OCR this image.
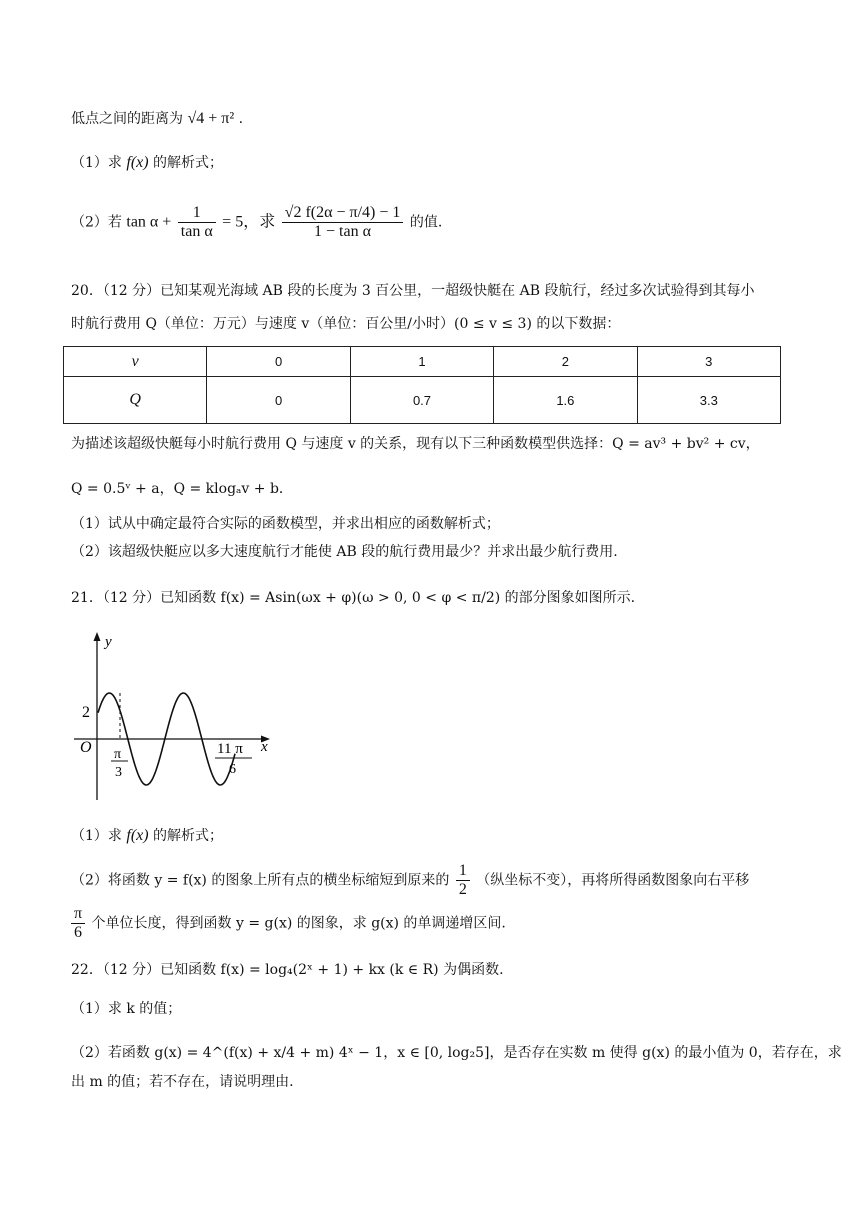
低点之间的距离为 √4 + π² .
（1）求 f(x) 的解析式；
（2）若 $\tan \alpha + \frac{1}{\text{tan α}} = 5$，求 $\frac{√2 f(2\alpha - \pi/4) - 1}{\text{1 − tan α}}$ 的值.
20．（12 分）已知某观光海域 AB 段的长度为 3 百公里，一超级快艇在 AB 段航行，经过多次试验得到其每小
时航行费用 Q（单位：万元）与速度 v（单位：百公里/小时）(0 ≤ v ≤ 3) 的以下数据：
v	0	1	2	3
Q	0	0.7	1.6	3.3
为描述该超级快艇每小时航行费用 Q 与速度 v 的关系，现有以下三种函数模型供选择：Q = av³ + bv² + cv，
Q = 0.5ᵛ + a，Q = klogₐv + b．
（1）试从中确定最符合实际的函数模型，并求出相应的函数解析式；
（2）该超级快艇应以多大速度航行才能使 AB 段的航行费用最少？并求出最少航行费用.
21．（12 分）已知函数 f(x) = Asin(ωx + φ)(ω > 0, 0 < φ < π/2) 的部分图象如图所示.
y
x
O
2
π
3
11 π
6
（1）求 f(x) 的解析式；
（2）将函数 y = f(x) 的图象上所有点的横坐标缩短到原来的 $\frac{1}{2}$ （纵坐标不变），再将所得函数图象向右平移
$\frac{\pi}{6}$ 个单位长度，得到函数 y = g(x) 的图象，求 g(x) 的单调递增区间.
22．（12 分）已知函数 f(x) = log₄(2ˣ + 1) + kx (k ∈ R) 为偶函数.
（1）求 k 的值；
（2）若函数 g(x) = 4^(f(x) + x/4 + m) 4ˣ − 1，x ∈ [0, log₂5]，是否存在实数 m 使得 g(x) 的最小值为 0，若存在，求
出 m 的值；若不存在，请说明理由.
